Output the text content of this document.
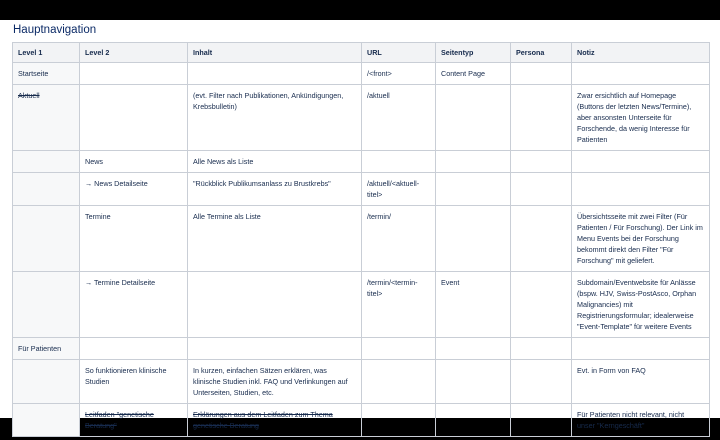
Hauptnavigation
Level 1	Level 2	Inhalt	URL	Seitentyp	Persona	Notiz
Startseite			/<front>	Content Page		
Aktuell		(evt. Filter nach Publikationen, Ankündigungen, Krebsbulletin)	/aktuell			Zwar ersichtlich auf Homepage (Buttons der letzten News/Termine), aber ansonsten Unterseite für Forschende, da wenig Interesse für Patienten
	News	Alle News als Liste				
	→ News Detailseite	"Rückblick Publikumsanlass zu Brustkrebs"	/aktuell/<aktuell-titel>			
	Termine	Alle Termine als Liste	/termin/			Übersichtsseite mit zwei Filter (Für Patienten / Für Forschung). Der Link im Menu Events bei der Forschung bekommt direkt den Filter "Für Forschung" mit geliefert.
	→ Termine Detailseite		/termin/<termin-titel>	Event		Subdomain/Eventwebsite für Anlässe (bspw. HJV, Swiss-PostAsco, Orphan Malignancies) mit Registrierungsformular; idealerweise "Event-Template" für weitere Events
Für Patienten						
	So funktionieren klinische Studien	In kurzen, einfachen Sätzen erklären, was klinische Studien inkl. FAQ und Verlinkungen auf Unterseiten, Studien, etc.				Evt. in Form von FAQ
	Leitfaden "genetische Beratung"	Erklärungen aus dem Leitfaden zum Thema genetische Beratung				Für Patienten nicht relevant, nicht unser "Kerngeschäft"
